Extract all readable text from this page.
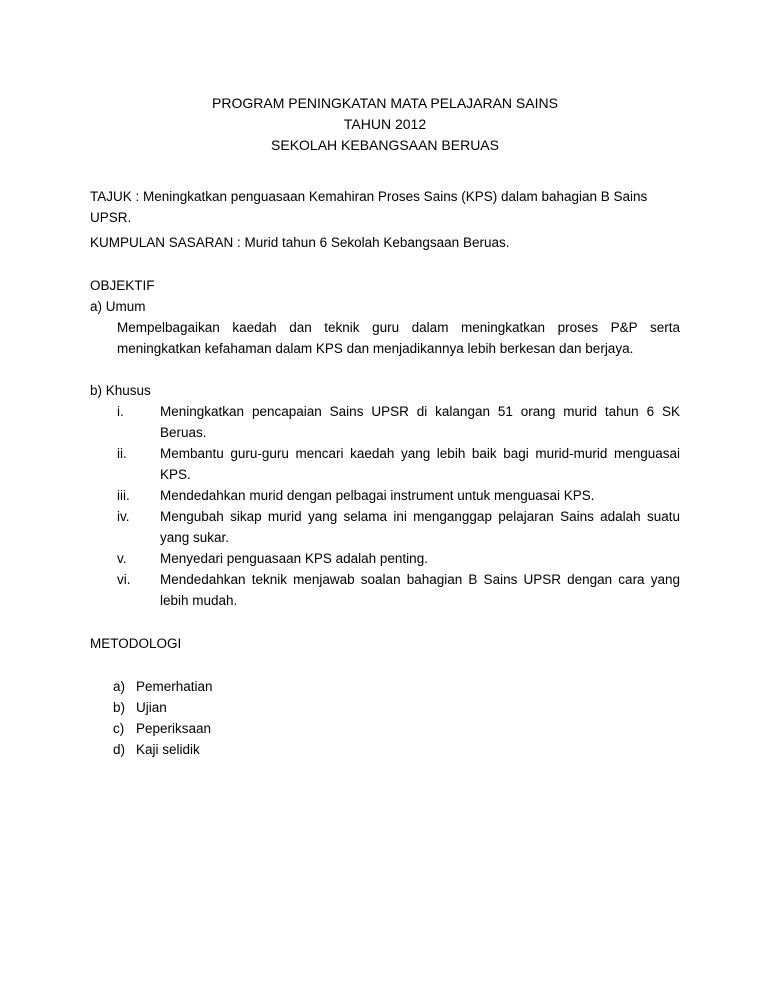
PROGRAM PENINGKATAN MATA PELAJARAN SAINS
TAHUN 2012
SEKOLAH KEBANGSAAN BERUAS
TAJUK : Meningkatkan penguasaan Kemahiran Proses Sains (KPS) dalam bahagian B Sains UPSR.
KUMPULAN SASARAN : Murid tahun 6 Sekolah Kebangsaan Beruas.
OBJEKTIF
a) Umum
Mempelbagaikan kaedah dan teknik guru dalam meningkatkan proses P&P serta meningkatkan kefahaman dalam KPS dan menjadikannya lebih berkesan dan berjaya.
b) Khusus
i.	Meningkatkan pencapaian Sains UPSR di kalangan 51 orang murid tahun 6 SK Beruas.
ii. Membantu guru-guru mencari kaedah yang lebih baik bagi murid-murid menguasai KPS.
iii. Mendedahkan murid dengan pelbagai instrument untuk menguasai KPS.
iv. Mengubah sikap murid yang selama ini menganggap pelajaran Sains adalah suatu yang sukar.
v. Menyedari penguasaan KPS adalah penting.
vi. Mendedahkan teknik menjawab soalan bahagian B Sains UPSR dengan cara yang lebih mudah.
METODOLOGI
a) Pemerhatian
b) Ujian
c) Peperiksaan
d) Kaji selidik
